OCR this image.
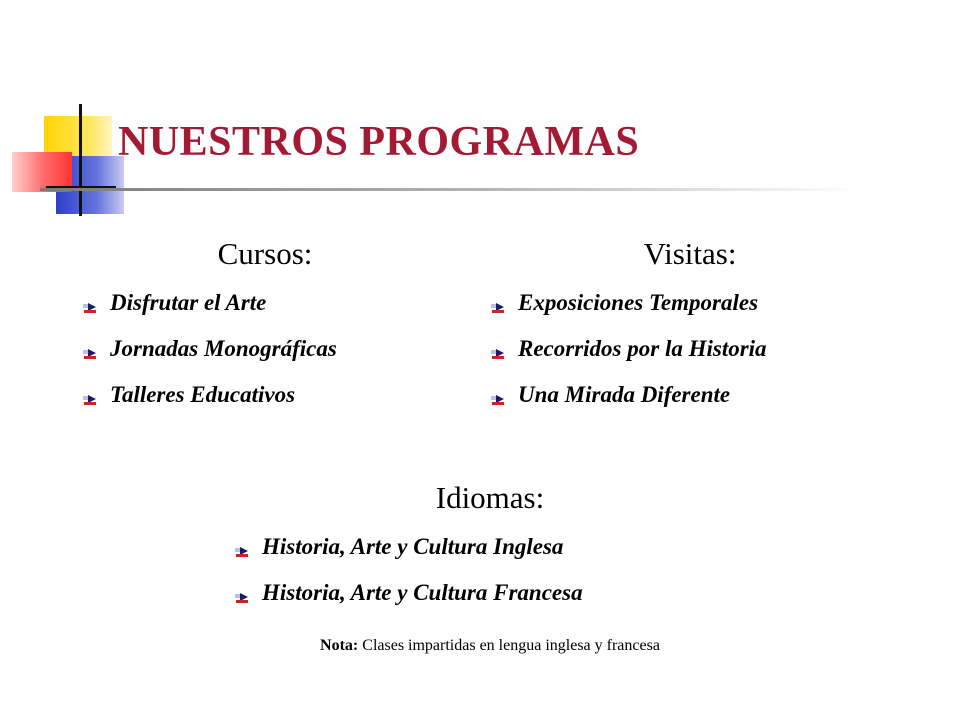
NUESTROS PROGRAMAS
Cursos:
Disfrutar el Arte
Jornadas Monográficas
Talleres Educativos
Visitas:
Exposiciones Temporales
Recorridos por la Historia
Una Mirada Diferente
Idiomas:
Historia, Arte y Cultura Inglesa
Historia, Arte y Cultura Francesa

Nota: Clases impartidas en lengua inglesa y francesa
